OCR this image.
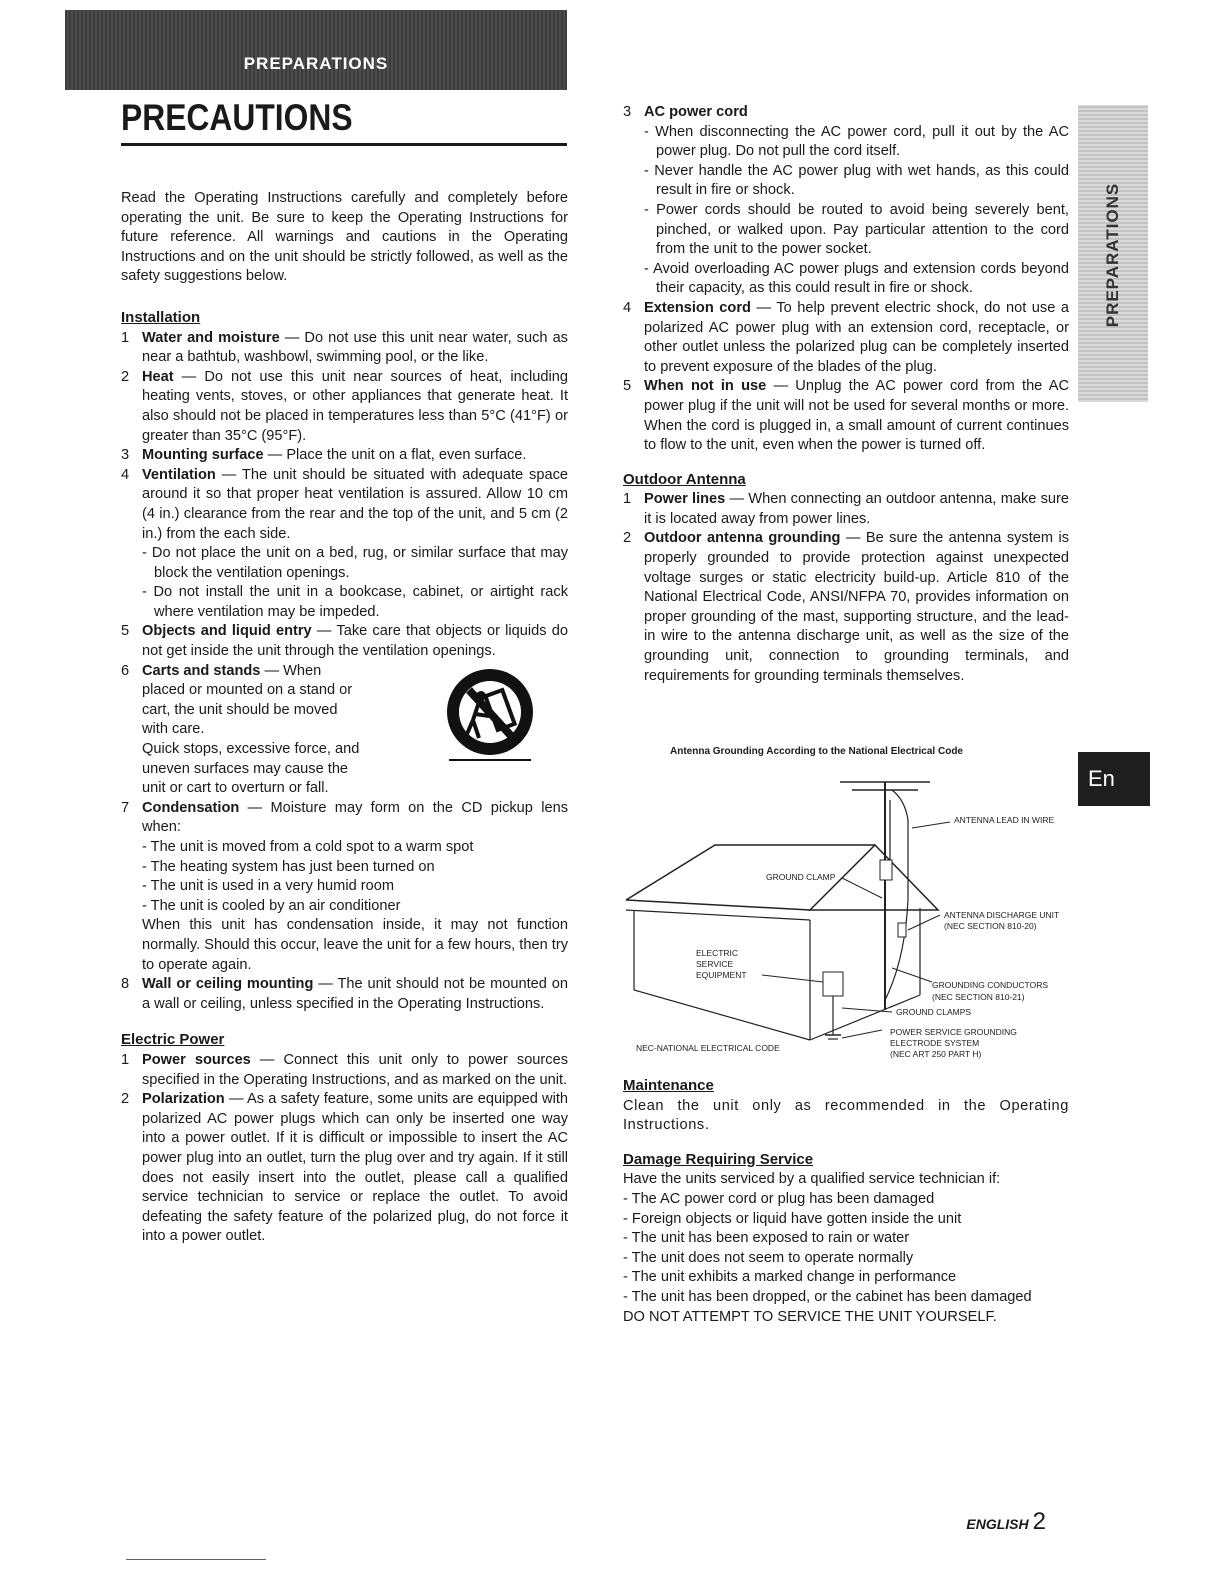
PREPARATIONS
PRECAUTIONS

Read the Operating Instructions carefully and completely before operating the unit. Be sure to keep the Operating Instructions for future reference. All warnings and cautions in the Operating Instructions and on the unit should be strictly followed, as well as the safety suggestions below.

Installation
1 Water and moisture — Do not use this unit near water, such as near a bathtub, washbowl, swimming pool, or the like.
2 Heat — Do not use this unit near sources of heat, including heating vents, stoves, or other appliances that generate heat. It also should not be placed in temperatures less than 5°C (41°F) or greater than 35°C (95°F).
3 Mounting surface — Place the unit on a flat, even surface.
4 Ventilation — The unit should be situated with adequate space around it so that proper heat ventilation is assured. Allow 10 cm (4 in.) clearance from the rear and the top of the unit, and 5 cm (2 in.) from the each side.

- Do not place the unit on a bed, rug, or similar surface that may block the ventilation openings.

- Do not install the unit in a bookcase, cabinet, or airtight rack where ventilation may be impeded.

5 Objects and liquid entry — Take care that objects or liquids do not get inside the unit through the ventilation openings.
6 Carts and stands — When placed or mounted on a stand or cart, the unit should be moved with care.

Quick stops, excessive force, and uneven surfaces may cause the unit or cart to overturn or fall.

7 Condensation — Moisture may form on the CD pickup lens when:

- The unit is moved from a cold spot to a warm spot

- The heating system has just been turned on

- The unit is used in a very humid room

- The unit is cooled by an air conditioner

When this unit has condensation inside, it may not function normally. Should this occur, leave the unit for a few hours, then try to operate again.

8 Wall or ceiling mounting — The unit should not be mounted on a wall or ceiling, unless specified in the Operating Instructions.
Electric Power
1 Power sources — Connect this unit only to power sources specified in the Operating Instructions, and as marked on the unit.
2 Polarization — As a safety feature, some units are equipped with polarized AC power plugs which can only be inserted one way into a power outlet. If it is difficult or impossible to insert the AC power plug into an outlet, turn the plug over and try again. If it still does not easily insert into the outlet, please call a qualified service technician to service or replace the outlet. To avoid defeating the safety feature of the polarized plug, do not force it into a power outlet.
3 AC power cord

- When disconnecting the AC power cord, pull it out by the AC power plug. Do not pull the cord itself.

- Never handle the AC power plug with wet hands, as this could result in fire or shock.

- Power cords should be routed to avoid being severely bent, pinched, or walked upon. Pay particular attention to the cord from the unit to the power socket.

- Avoid overloading AC power plugs and extension cords beyond their capacity, as this could result in fire or shock.

4 Extension cord — To help prevent electric shock, do not use a polarized AC power plug with an extension cord, receptacle, or other outlet unless the polarized plug can be completely inserted to prevent exposure of the blades of the plug.
5 When not in use — Unplug the AC power cord from the AC power plug if the unit will not be used for several months or more. When the cord is plugged in, a small amount of current continues to flow to the unit, even when the power is turned off.
Outdoor Antenna
1 Power lines — When connecting an outdoor antenna, make sure it is located away from power lines.
2 Outdoor antenna grounding — Be sure the antenna system is properly grounded to provide protection against unexpected voltage surges or static electricity build-up. Article 810 of the National Electrical Code, ANSI/NFPA 70, provides information on proper grounding of the mast, supporting structure, and the lead-in wire to the antenna discharge unit, as well as the size of the grounding unit, connection to grounding terminals, and requirements for grounding terminals themselves.
Antenna Grounding According to the National Electrical Code
ANTENNA LEAD IN WIRE
GROUND CLAMP
ANTENNA DISCHARGE UNIT
(NEC SECTION 810-20)
ELECTRIC
SERVICE
EQUIPMENT
GROUNDING CONDUCTORS
(NEC SECTION 810-21)
GROUND CLAMPS
POWER SERVICE GROUNDING
ELECTRODE SYSTEM
(NEC ART 250 PART H)
NEC-NATIONAL ELECTRICAL CODE
Maintenance

Clean the unit only as recommended in the Operating Instructions.

Damage Requiring Service

Have the units serviced by a qualified service technician if:

- The AC power cord or plug has been damaged

- Foreign objects or liquid have gotten inside the unit

- The unit has been exposed to rain or water

- The unit does not seem to operate normally

- The unit exhibits a marked change in performance

- The unit has been dropped, or the cabinet has been damaged

DO NOT ATTEMPT TO SERVICE THE UNIT YOURSELF.

PREPARATIONS
En
ENGLISH 2
